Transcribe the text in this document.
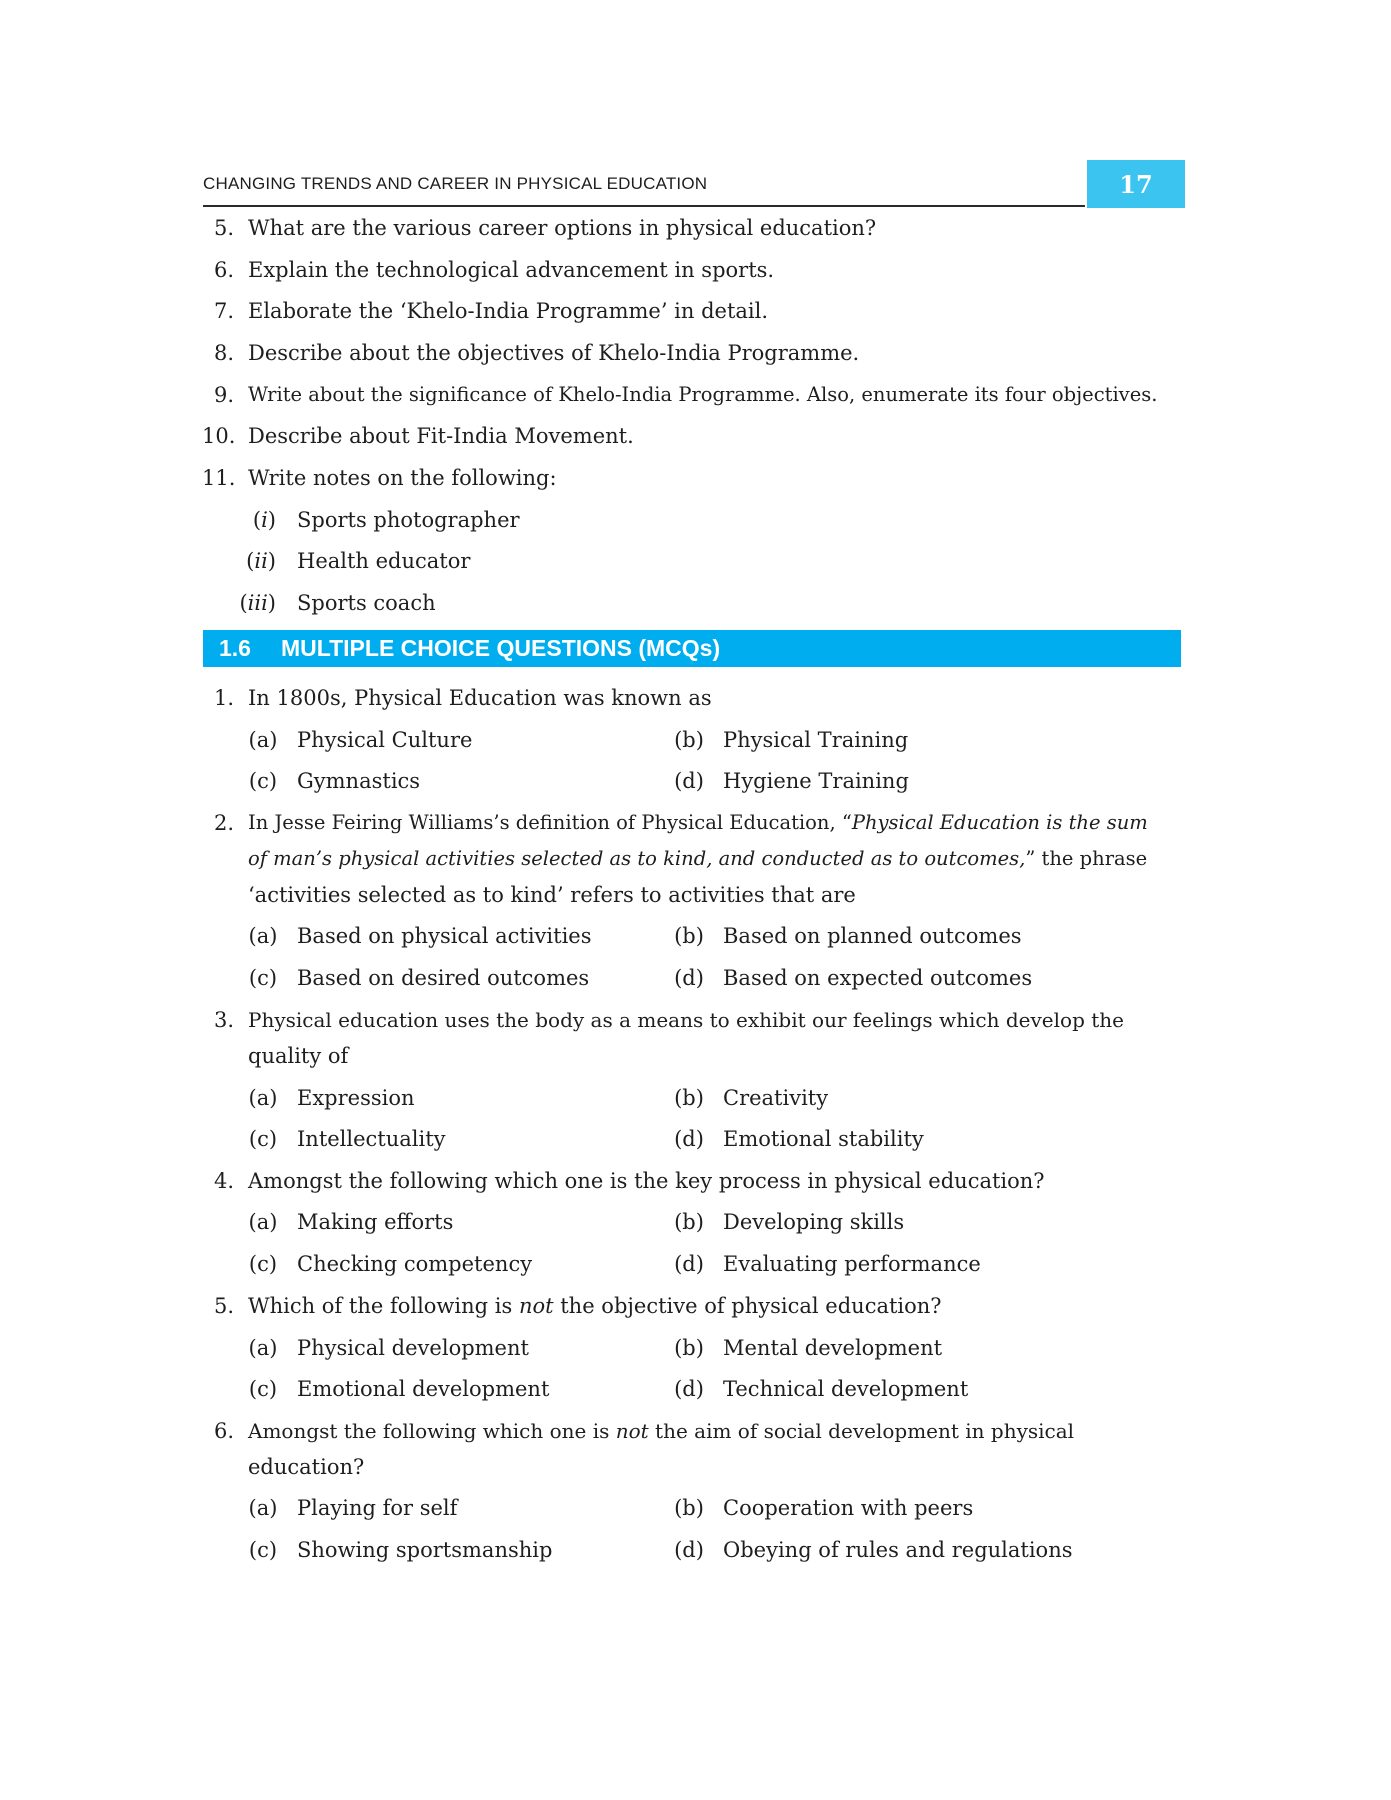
CHANGING TRENDS AND CAREER IN PHYSICAL EDUCATION	17
5. What are the various career options in physical education?
6. Explain the technological advancement in sports.
7. Elaborate the ‘Khelo-India Programme’ in detail.
8. Describe about the objectives of Khelo-India Programme.
9. Write about the significance of Khelo-India Programme. Also, enumerate its four objectives.
10. Describe about Fit-India Movement.
11. Write notes on the following:
(i) Sports photographer
(ii) Health educator
(iii) Sports coach
1.6	MULTIPLE CHOICE QUESTIONS (MCQs)
1. In 1800s, Physical Education was known as
(a) Physical Culture	(b) Physical Training
(c) Gymnastics	(d) Hygiene Training
2. In Jesse Feiring Williams’s definition of Physical Education, “Physical Education is the sum
of man’s physical activities selected as to kind, and conducted as to outcomes,” the phrase
‘activities selected as to kind’ refers to activities that are
(a) Based on physical activities	(b) Based on planned outcomes
(c) Based on desired outcomes	(d) Based on expected outcomes
3. Physical education uses the body as a means to exhibit our feelings which develop the
quality of
(a) Expression	(b) Creativity
(c) Intellectuality	(d) Emotional stability
4. Amongst the following which one is the key process in physical education?
(a) Making efforts	(b) Developing skills
(c) Checking competency	(d) Evaluating performance
5. Which of the following is not the objective of physical education?
(a) Physical development	(b) Mental development
(c) Emotional development	(d) Technical development
6. Amongst the following which one is not the aim of social development in physical
education?
(a) Playing for self	(b) Cooperation with peers
(c) Showing sportsmanship	(d) Obeying of rules and regulations
